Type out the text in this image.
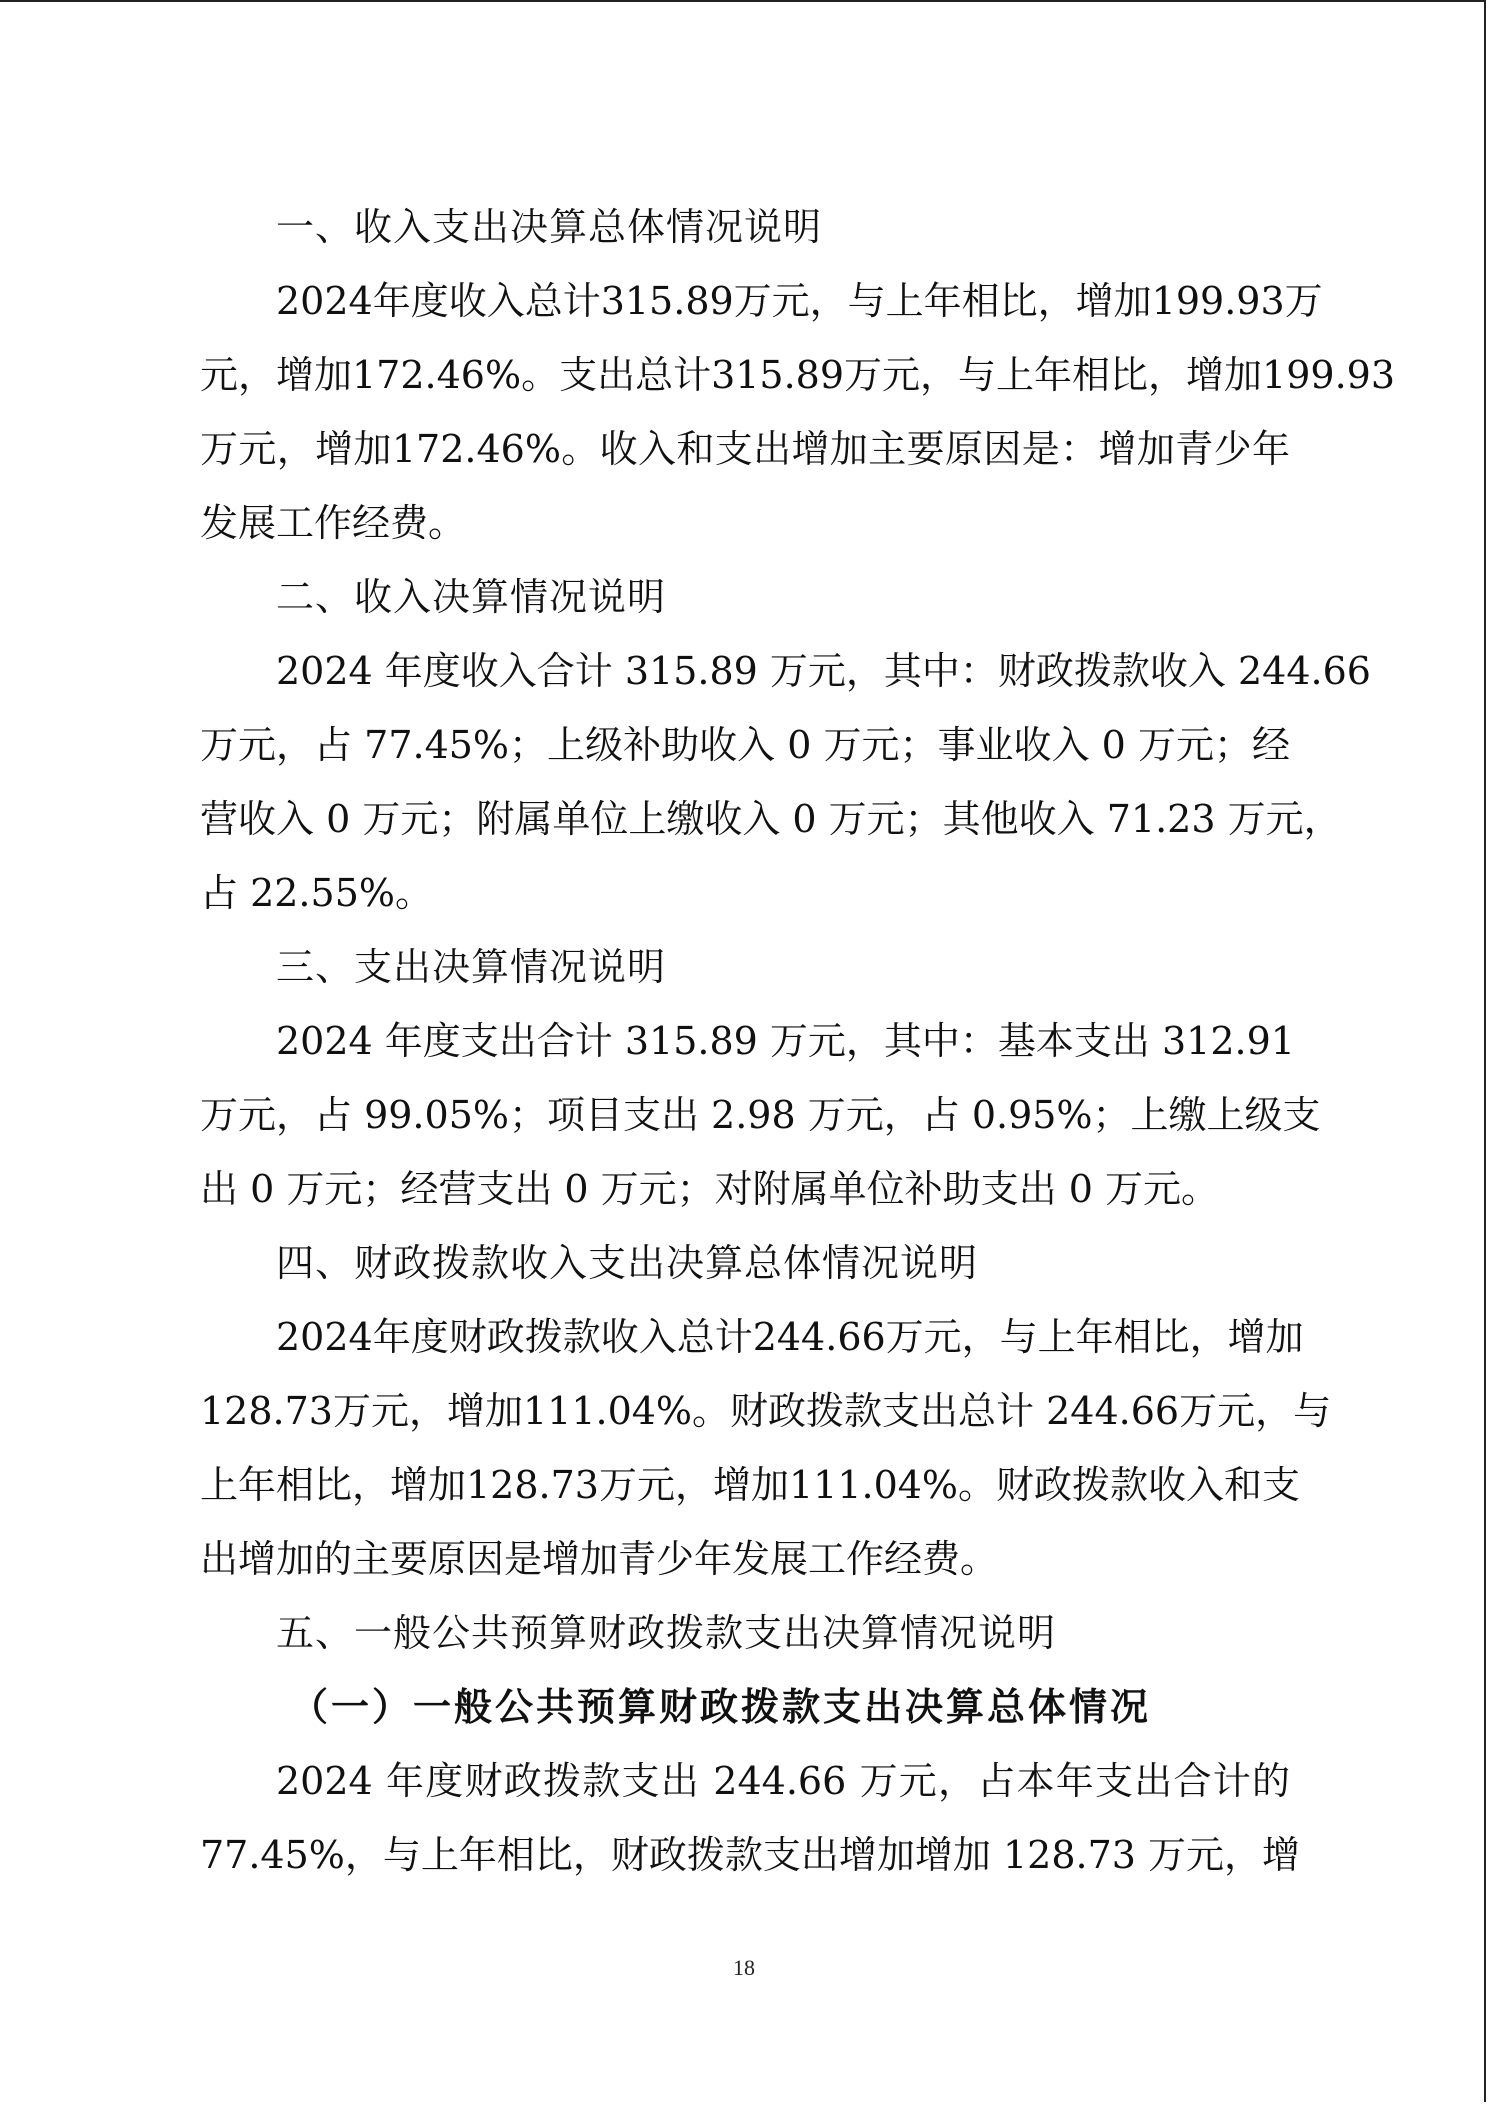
一、收入支出决算总体情况说明

2024年度收入总计315.89万元，与上年相比，增加199.93万
元，增加172.46%。支出总计315.89万元，与上年相比，增加199.93
万元，增加172.46%。收入和支出增加主要原因是：增加青少年
发展工作经费。

二、收入决算情况说明

2024 年度收入合计 315.89 万元，其中：财政拨款收入 244.66
万元，占 77.45%；上级补助收入 0 万元；事业收入 0 万元；经
营收入 0 万元；附属单位上缴收入 0 万元；其他收入 71.23 万元，
占 22.55%。

三、支出决算情况说明

2024 年度支出合计 315.89 万元，其中：基本支出 312.91
万元，占 99.05%；项目支出 2.98 万元，占 0.95%；上缴上级支
出 0 万元；经营支出 0 万元；对附属单位补助支出 0 万元。

四、财政拨款收入支出决算总体情况说明

2024年度财政拨款收入总计244.66万元，与上年相比，增加
128.73万元，增加111.04%。财政拨款支出总计 244.66万元，与
上年相比，增加128.73万元，增加111.04%。财政拨款收入和支
出增加的主要原因是增加青少年发展工作经费。

五、一般公共预算财政拨款支出决算情况说明
（一）一般公共预算财政拨款支出决算总体情况

2024 年度财政拨款支出 244.66 万元，占本年支出合计的
77.45%，与上年相比，财政拨款支出增加增加 128.73 万元，增

18
